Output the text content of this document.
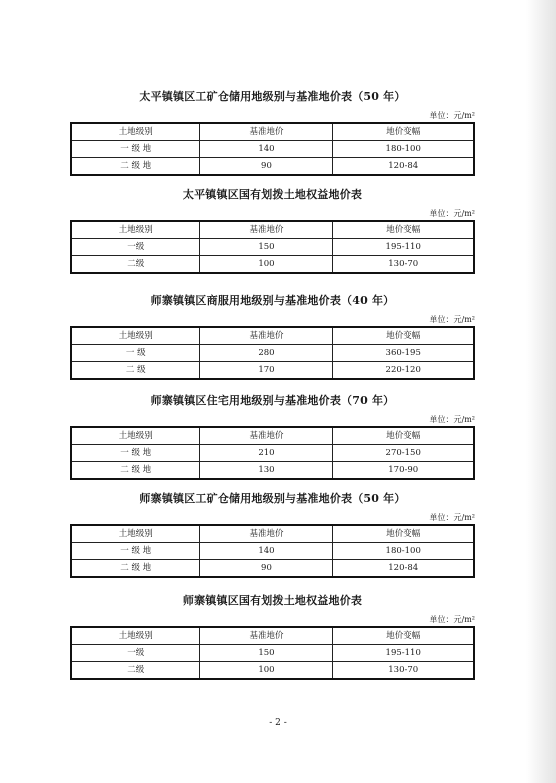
太平镇镇区工矿仓储用地级别与基准地价表（50 年）
单位：元/m²
土地级别	基准地价	地价变幅
一 级 地	140	180-100
二 级 地	90	120-84
太平镇镇区国有划拨土地权益地价表
单位：元/m²
土地级别	基准地价	地价变幅
一级	150	195-110
二级	100	130-70
师寨镇镇区商服用地级别与基准地价表（40 年）
单位：元/m²
土地级别	基准地价	地价变幅
一 级	280	360-195
二 级	170	220-120
师寨镇镇区住宅用地级别与基准地价表（70 年）
单位：元/m²
土地级别	基准地价	地价变幅
一 级 地	210	270-150
二 级 地	130	170-90
师寨镇镇区工矿仓储用地级别与基准地价表（50 年）
单位：元/m²
土地级别	基准地价	地价变幅
一 级 地	140	180-100
二 级 地	90	120-84
师寨镇镇区国有划拨土地权益地价表
单位：元/m²
土地级别	基准地价	地价变幅
一级	150	195-110
二级	100	130-70
- 2 -
